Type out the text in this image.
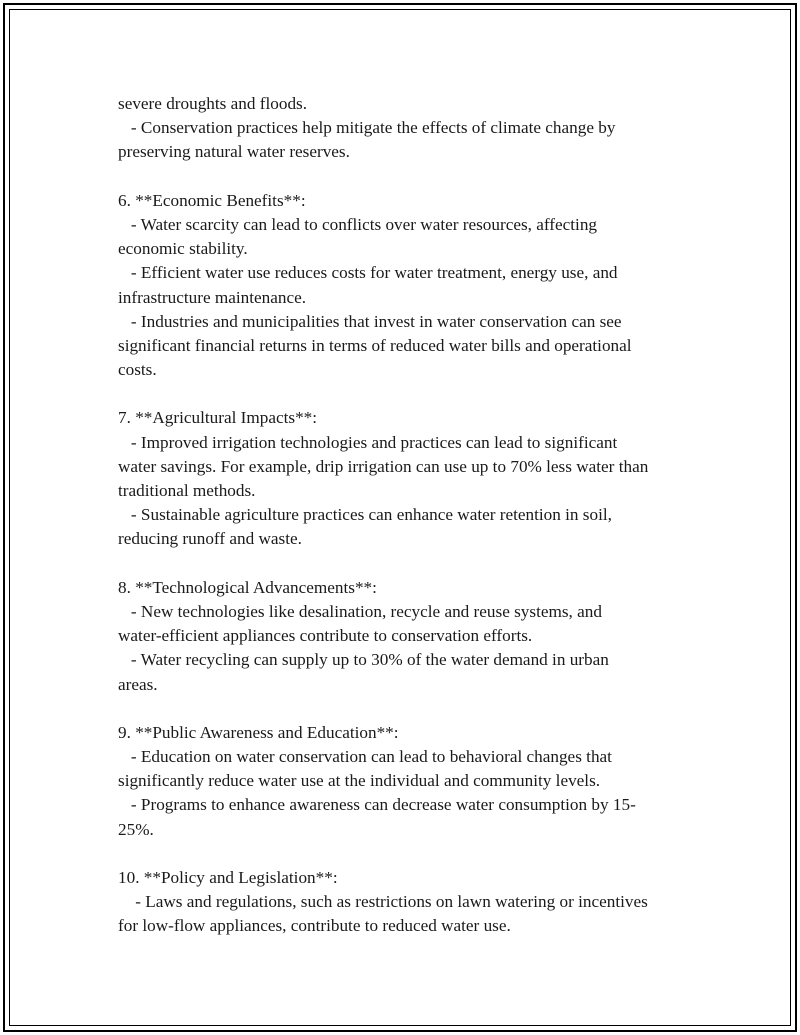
severe droughts and floods.
- Conservation practices help mitigate the effects of climate change by
preserving natural water reserves.
6. **Economic Benefits**:
- Water scarcity can lead to conflicts over water resources, affecting
economic stability.
- Efficient water use reduces costs for water treatment, energy use, and
infrastructure maintenance.
- Industries and municipalities that invest in water conservation can see
significant financial returns in terms of reduced water bills and operational
costs.
7. **Agricultural Impacts**:
- Improved irrigation technologies and practices can lead to significant
water savings. For example, drip irrigation can use up to 70% less water than
traditional methods.
- Sustainable agriculture practices can enhance water retention in soil,
reducing runoff and waste.
8. **Technological Advancements**:
- New technologies like desalination, recycle and reuse systems, and
water-efficient appliances contribute to conservation efforts.
- Water recycling can supply up to 30% of the water demand in urban
areas.
9. **Public Awareness and Education**:
- Education on water conservation can lead to behavioral changes that
significantly reduce water use at the individual and community levels.
- Programs to enhance awareness can decrease water consumption by 15-
25%.
10. **Policy and Legislation**:
- Laws and regulations, such as restrictions on lawn watering or incentives
for low-flow appliances, contribute to reduced water use.
